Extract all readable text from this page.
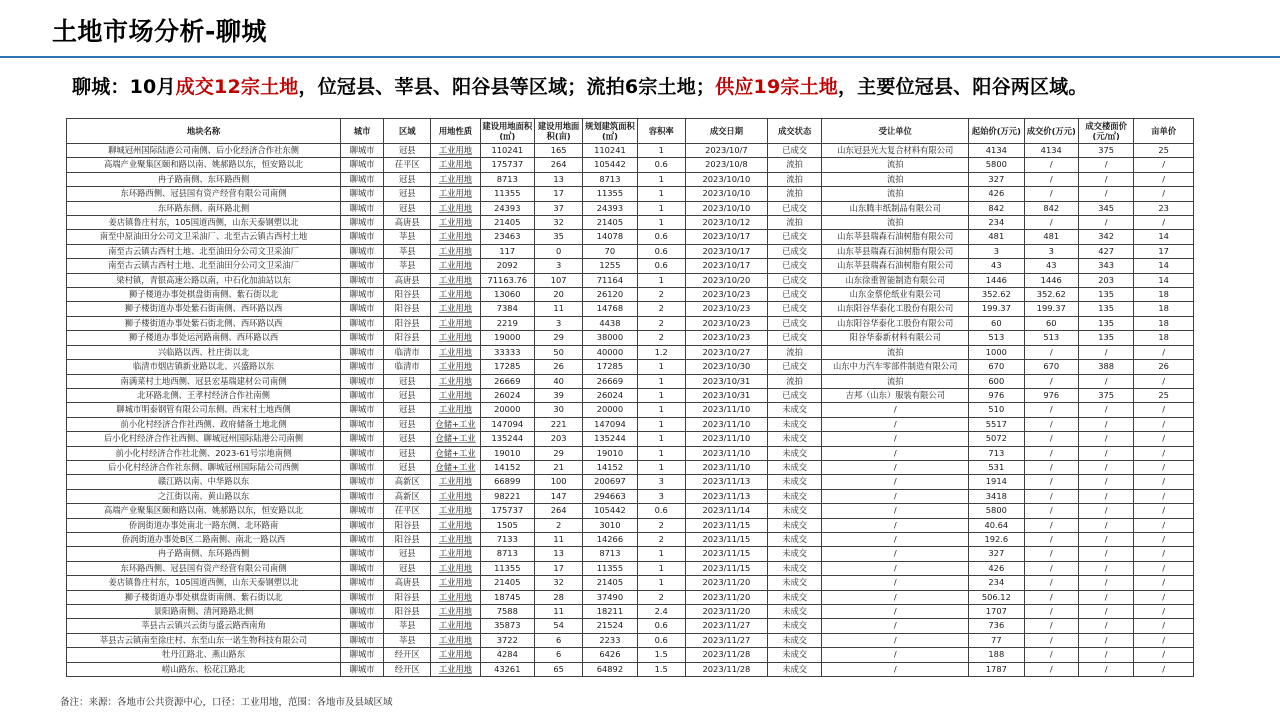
土地市场分析-聊城
聊城：10月成交12宗土地，位冠县、莘县、阳谷县等区域；流拍6宗土地；供应19宗土地，主要位冠县、阳谷两区域。
地块名称	城市	区域	用地性质	建设用地面积(㎡)	建设用地面积(亩)	规划建筑面积(㎡)	容积率	成交日期	成交状态	受让单位	起始价(万元)	成交价(万元)	成交楼面价(元/㎡)	亩单价
聊城冠州国际陆港公司南侧、后小化经济合作社东侧	聊城市	冠县	工业用地	110241	165	110241	1	2023/10/7	已成交	山东冠县光大复合材料有限公司	4134	4134	375	25
高端产业聚集区颐和路以南、姚郝路以东，恒安路以北	聊城市	茌平区	工业用地	175737	264	105442	0.6	2023/10/8	流拍	流拍	5800	/	/	/
冉子路南侧、东环路西侧	聊城市	冠县	工业用地	8713	13	8713	1	2023/10/10	流拍	流拍	327	/	/	/
东环路西侧、冠县国有资产经营有限公司南侧	聊城市	冠县	工业用地	11355	17	11355	1	2023/10/10	流拍	流拍	426	/	/	/
东环路东侧、南环路北侧	聊城市	冠县	工业用地	24393	37	24393	1	2023/10/10	已成交	山东腾丰纸制品有限公司	842	842	345	23
姜店镇鲁庄村东，105国道西侧，山东天泰钢塑以北	聊城市	高唐县	工业用地	21405	32	21405	1	2023/10/12	流拍	流拍	234	/	/	/
南至中原油田分公司文卫采油厂、北至古云镇古西村土地	聊城市	莘县	工业用地	23463	35	14078	0.6	2023/10/17	已成交	山东莘县瑞森石油树脂有限公司	481	481	342	14
南至古云镇古西村土地、北至油田分公司文卫采油厂	聊城市	莘县	工业用地	117	0	70	0.6	2023/10/17	已成交	山东莘县瑞森石油树脂有限公司	3	3	427	17
南至古云镇古西村土地、北至油田分公司文卫采油厂	聊城市	莘县	工业用地	2092	3	1255	0.6	2023/10/17	已成交	山东莘县瑞森石油树脂有限公司	43	43	343	14
梁村镇，青银高速公路以南，中石化加油站以东	聊城市	高唐县	工业用地	71163.76	107	71164	1	2023/10/20	已成交	山东徐重智能制造有限公司	1446	1446	203	14
狮子楼道办事处棋盘街南侧、紫石街以北	聊城市	阳谷县	工业用地	13060	20	26120	2	2023/10/23	已成交	山东金蔡伦纸业有限公司	352.62	352.62	135	18
狮子楼街道办事处紫石街南侧、西环路以西	聊城市	阳谷县	工业用地	7384	11	14768	2	2023/10/23	已成交	山东阳谷华泰化工股份有限公司	199.37	199.37	135	18
狮子楼街道办事处紫石街北侧、西环路以西	聊城市	阳谷县	工业用地	2219	3	4438	2	2023/10/23	已成交	山东阳谷华泰化工股份有限公司	60	60	135	18
狮子楼道办事处运河路南侧、西环路以西	聊城市	阳谷县	工业用地	19000	29	38000	2	2023/10/23	已成交	阳谷华泰新材料有限公司	513	513	135	18
兴临路以西、杜庄街以北	聊城市	临清市	工业用地	33333	50	40000	1.2	2023/10/27	流拍	流拍	1000	/	/	/
临清市烟店镇新业路以北、兴盛路以东	聊城市	临清市	工业用地	17285	26	17285	1	2023/10/30	已成交	山东中力汽车零部件制造有限公司	670	670	388	26
南满菜村土地西侧、冠县宏基瑞建材公司南侧	聊城市	冠县	工业用地	26669	40	26669	1	2023/10/31	流拍	流拍	600	/	/	/
北环路北侧、王孝村经济合作社南侧	聊城市	冠县	工业用地	26024	39	26024	1	2023/10/31	已成交	吉邦（山东）服装有限公司	976	976	375	25
聊城市明泰钢管有限公司东侧、西宋村土地西侧	聊城市	冠县	工业用地	20000	30	20000	1	2023/11/10	未成交	/	510	/	/	/
前小化村经济合作社西侧、政府储备土地北侧	聊城市	冠县	仓储+工业	147094	221	147094	1	2023/11/10	未成交	/	5517	/	/	/
后小化村经济合作社西侧、聊城冠州国际陆港公司南侧	聊城市	冠县	仓储+工业	135244	203	135244	1	2023/11/10	未成交	/	5072	/	/	/
前小化村经济合作社北侧、2023-61号宗地南侧	聊城市	冠县	仓储+工业	19010	29	19010	1	2023/11/10	未成交	/	713	/	/	/
后小化村经济合作社东侧、聊城冠州国际陆公司西侧	聊城市	冠县	仓储+工业	14152	21	14152	1	2023/11/10	未成交	/	531	/	/	/
赣江路以南、中华路以东	聊城市	高新区	工业用地	66899	100	200697	3	2023/11/13	未成交	/	1914	/	/	/
之江街以南、黄山路以东	聊城市	高新区	工业用地	98221	147	294663	3	2023/11/13	未成交	/	3418	/	/	/
高端产业聚集区颐和路以南、姚郝路以东，恒安路以北	聊城市	茌平区	工业用地	175737	264	105442	0.6	2023/11/14	未成交	/	5800	/	/	/
侨润街道办事处南北一路东侧、北环路南	聊城市	阳谷县	工业用地	1505	2	3010	2	2023/11/15	未成交	/	40.64	/	/	/
侨润街道办事处B区二路南侧、南北一路以西	聊城市	阳谷县	工业用地	7133	11	14266	2	2023/11/15	未成交	/	192.6	/	/	/
冉子路南侧、东环路西侧	聊城市	冠县	工业用地	8713	13	8713	1	2023/11/15	未成交	/	327	/	/	/
东环路西侧、冠县国有资产经营有限公司南侧	聊城市	冠县	工业用地	11355	17	11355	1	2023/11/15	未成交	/	426	/	/	/
姜店镇鲁庄村东，105国道西侧，山东天泰钢塑以北	聊城市	高唐县	工业用地	21405	32	21405	1	2023/11/20	未成交	/	234	/	/	/
狮子楼街道办事处棋盘街南侧、紫石街以北	聊城市	阳谷县	工业用地	18745	28	37490	2	2023/11/20	未成交	/	506.12	/	/	/
景阳路南侧、清河路路北侧	聊城市	阳谷县	工业用地	7588	11	18211	2.4	2023/11/20	未成交	/	1707	/	/	/
莘县古云镇兴云街与盛云路西南角	聊城市	莘县	工业用地	35873	54	21524	0.6	2023/11/27	未成交	/	736	/	/	/
莘县古云镇南至徐庄村、东至山东一诺生物科技有限公司	聊城市	莘县	工业用地	3722	6	2233	0.6	2023/11/27	未成交	/	77	/	/	/
牡丹江路北、燕山路东	聊城市	经开区	工业用地	4284	6	6426	1.5	2023/11/28	未成交	/	188	/	/	/
崂山路东、松花江路北	聊城市	经开区	工业用地	43261	65	64892	1.5	2023/11/28	未成交	/	1787	/	/	/
备注：来源：各地市公共资源中心，口径：工业用地，范围：各地市及县域区域
